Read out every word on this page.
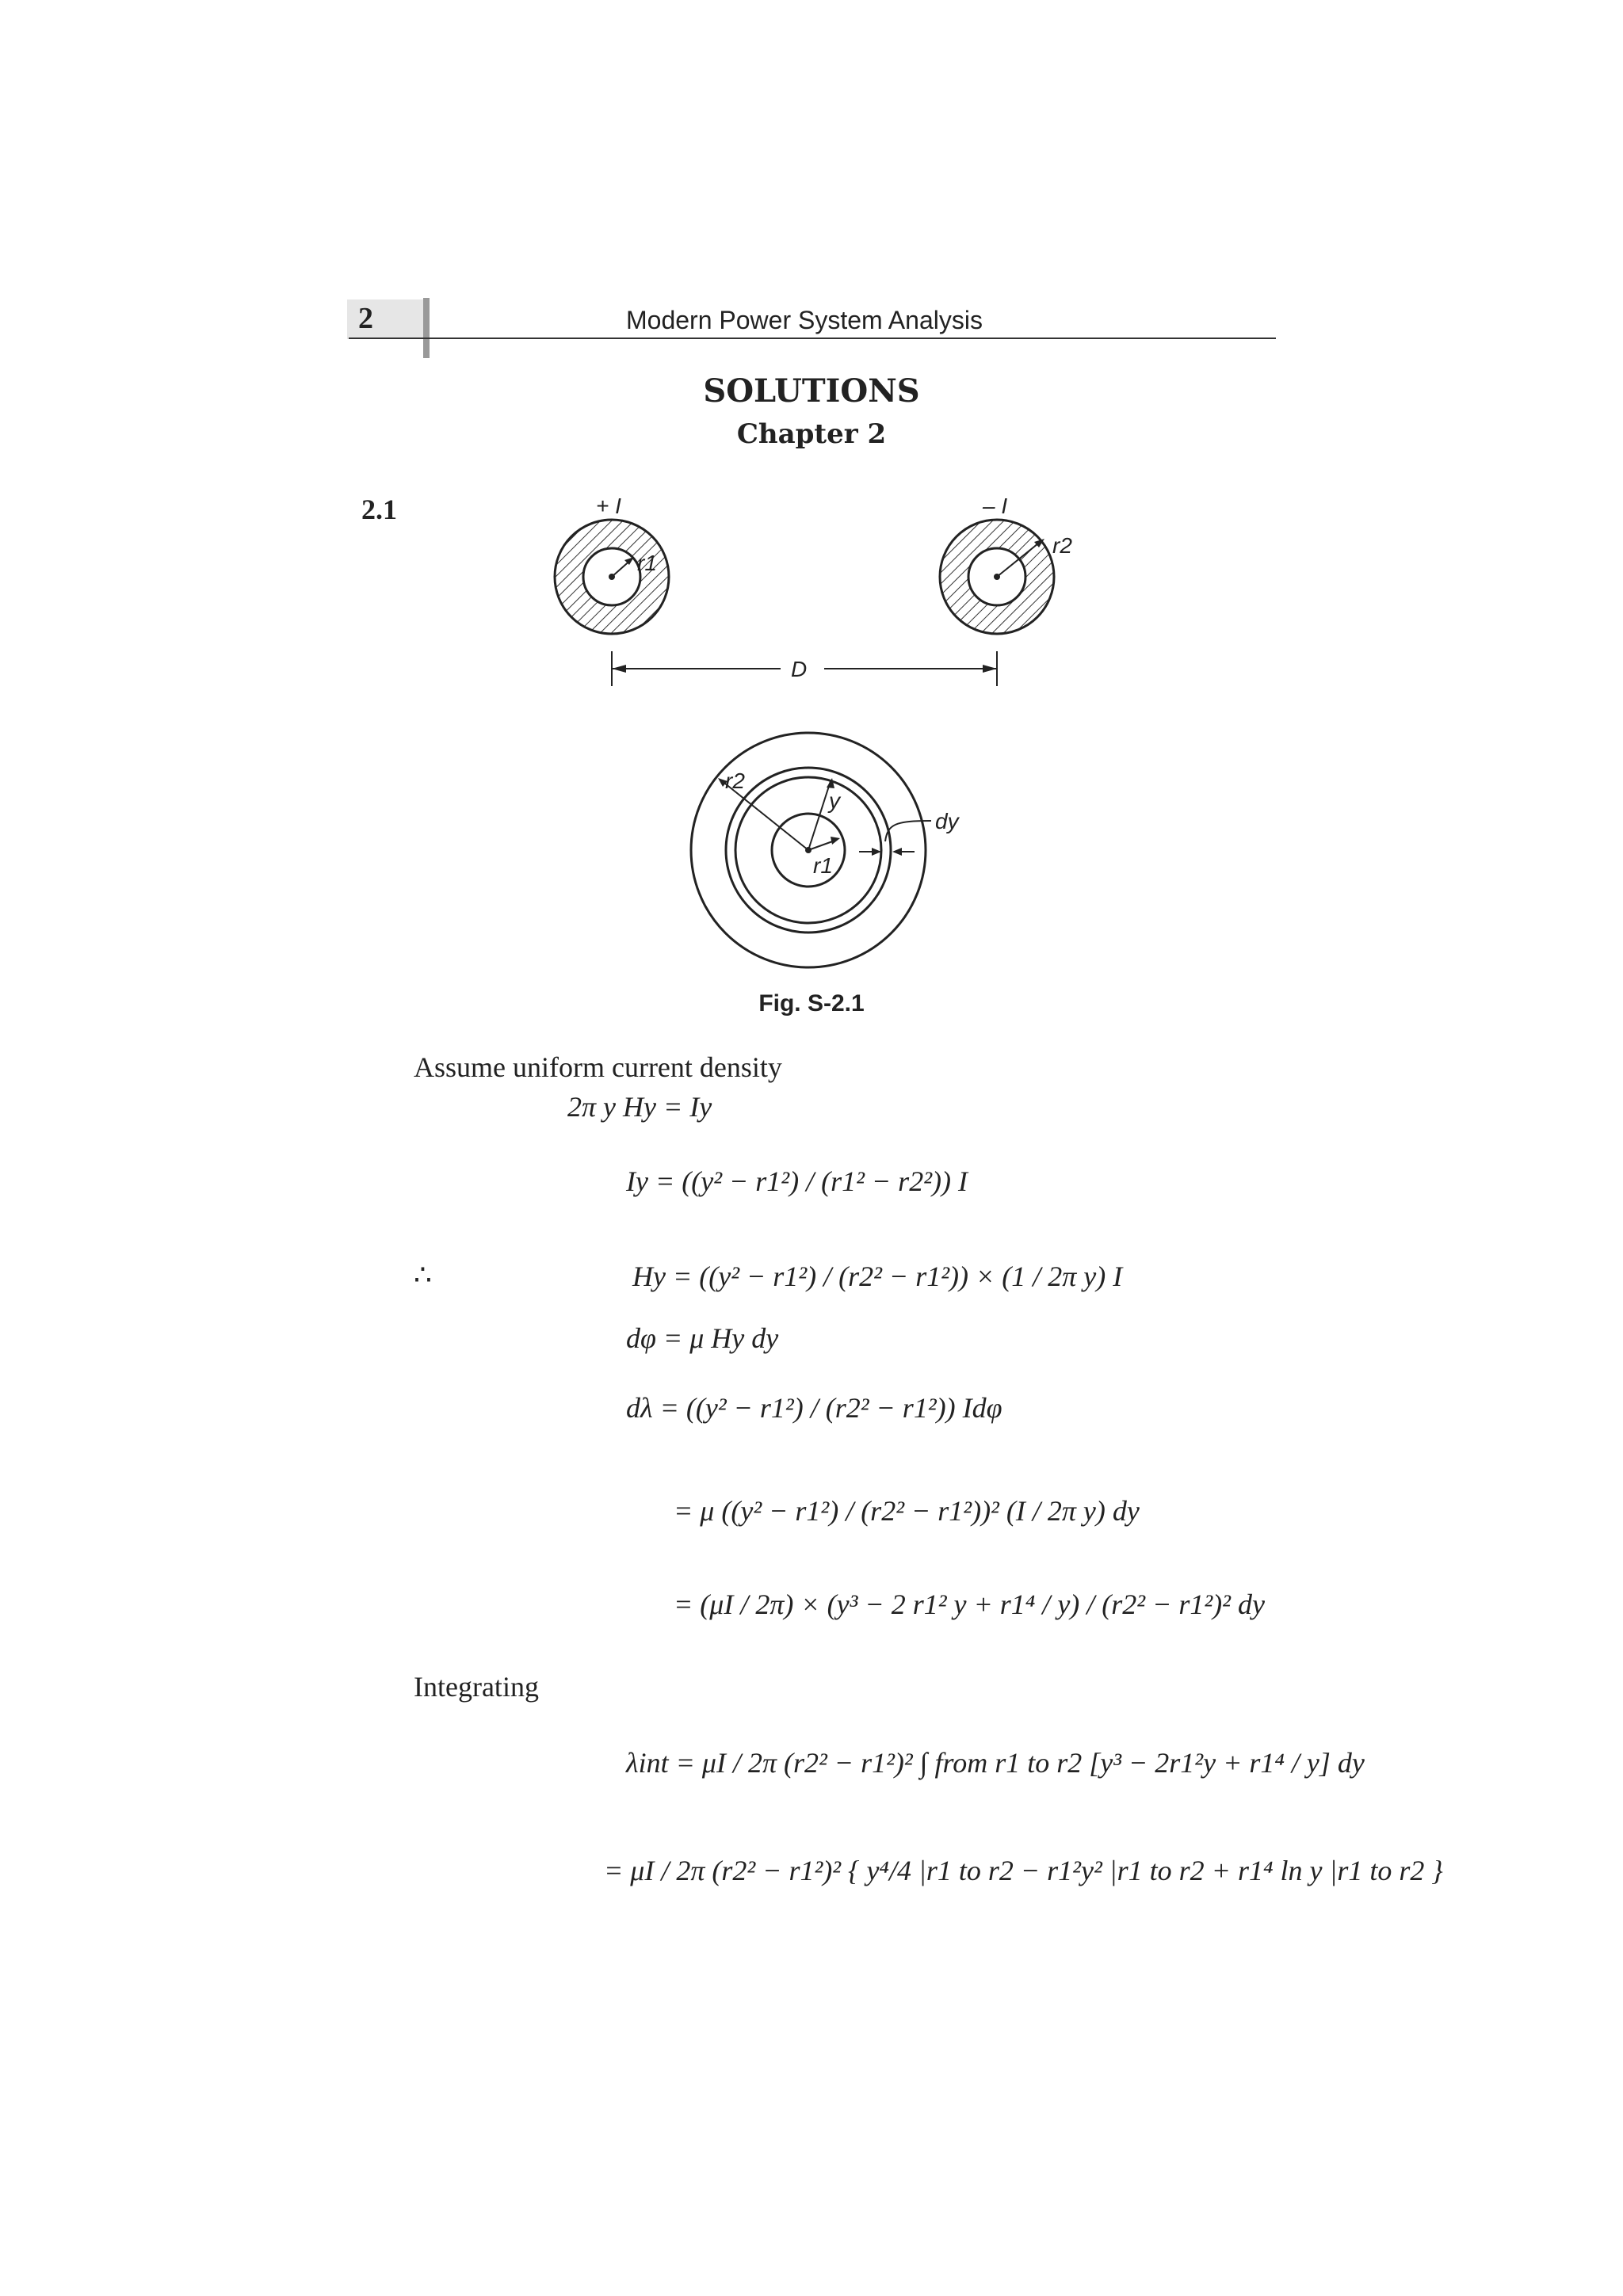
2	Modern Power System Analysis
SOLUTIONS
Chapter 2
2.1	+ I
r1
– I
r2
D
r2
y
r1
dy
Fig. S-2.1
Assume uniform current density
∴
Integrating
2π y Hy = Iy
Iy = ((y² − r1²) / (r1² − r2²)) I
Hy = ((y² − r1²) / (r2² − r1²)) × (1 / 2π y) I
dφ = μ Hy dy
dλ = ((y² − r1²) / (r2² − r1²)) Idφ
= μ ((y² − r1²) / (r2² − r1²))² (I / 2π y) dy
= (μI / 2π) × (y³ − 2 r1² y + r1⁴ / y) / (r2² − r1²)² dy
λint = μI / 2π (r2² − r1²)² ∫ from r1 to r2 [y³ − 2r1²y + r1⁴ / y] dy
= μI / 2π (r2² − r1²)² { y⁴/4 |r1 to r2 − r1²y² |r1 to r2 + r1⁴ ln y |r1 to r2 }
